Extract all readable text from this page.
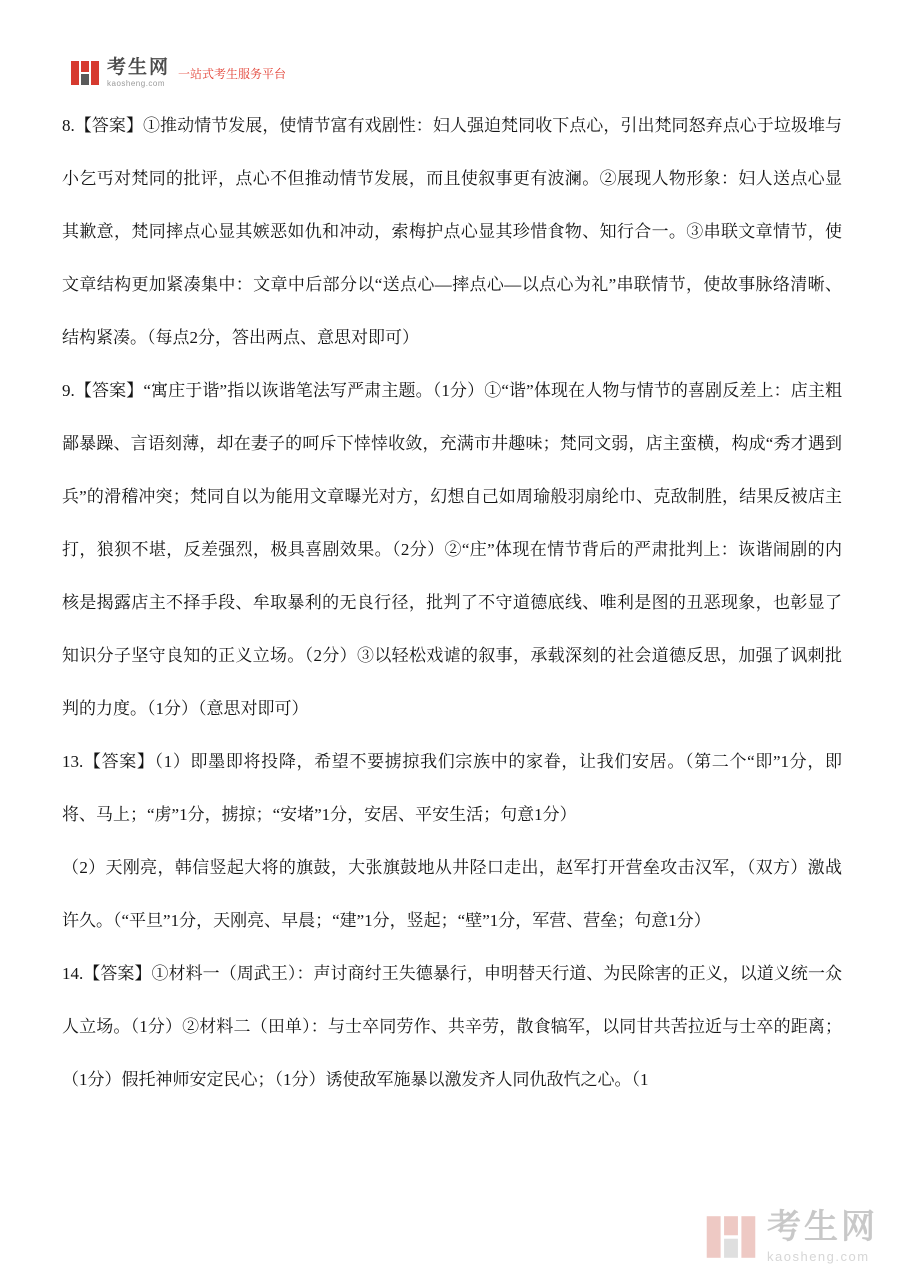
考生网
kaosheng.com
一站式考生服务平台

8.【答案】①推动情节发展，使情节富有戏剧性：妇人强迫梵同收下点心，引出梵同怒弃点心于垃圾堆与小乞丐对梵同的批评，点心不但推动情节发展，而且使叙事更有波澜。②展现人物形象：妇人送点心显其歉意，梵同摔点心显其嫉恶如仇和冲动，索梅护点心显其珍惜食物、知行合一。③串联文章情节，使文章结构更加紧凑集中：文章中后部分以“送点心—摔点心—以点心为礼”串联情节，使故事脉络清晰、结构紧凑。（每点2分，答出两点、意思对即可）

9.【答案】“寓庄于谐”指以诙谐笔法写严肃主题。（1分）①“谐”体现在人物与情节的喜剧反差上：店主粗鄙暴躁、言语刻薄，却在妻子的呵斥下悻悻收敛，充满市井趣味；梵同文弱，店主蛮横，构成“秀才遇到兵”的滑稽冲突；梵同自以为能用文章曝光对方，幻想自己如周瑜般羽扇纶巾、克敌制胜，结果反被店主打，狼狈不堪，反差强烈，极具喜剧效果。（2分）②“庄”体现在情节背后的严肃批判上：诙谐闹剧的内核是揭露店主不择手段、牟取暴利的无良行径，批判了不守道德底线、唯利是图的丑恶现象，也彰显了知识分子坚守良知的正义立场。（2分）③以轻松戏谑的叙事，承载深刻的社会道德反思，加强了讽刺批判的力度。（1分）（意思对即可）

13.【答案】（1）即墨即将投降，希望不要掳掠我们宗族中的家眷，让我们安居。（第二个“即”1分，即将、马上；“虏”1分，掳掠；“安堵”1分，安居、平安生活；句意1分）

（2）天刚亮，韩信竖起大将的旗鼓，大张旗鼓地从井陉口走出，赵军打开营垒攻击汉军，（双方）激战许久。（“平旦”1分，天刚亮、早晨；“建”1分，竖起；“壁”1分，军营、营垒；句意1分）

14.【答案】①材料一（周武王）：声讨商纣王失德暴行，申明替天行道、为民除害的正义，以道义统一众人立场。（1分）②材料二（田单）：与士卒同劳作、共辛劳，散食犒军，以同甘共苦拉近与士卒的距离；（1分）假托神师安定民心；（1分）诱使敌军施暴以激发齐人同仇敌忾之心。（1

考生网
kaosheng.com
